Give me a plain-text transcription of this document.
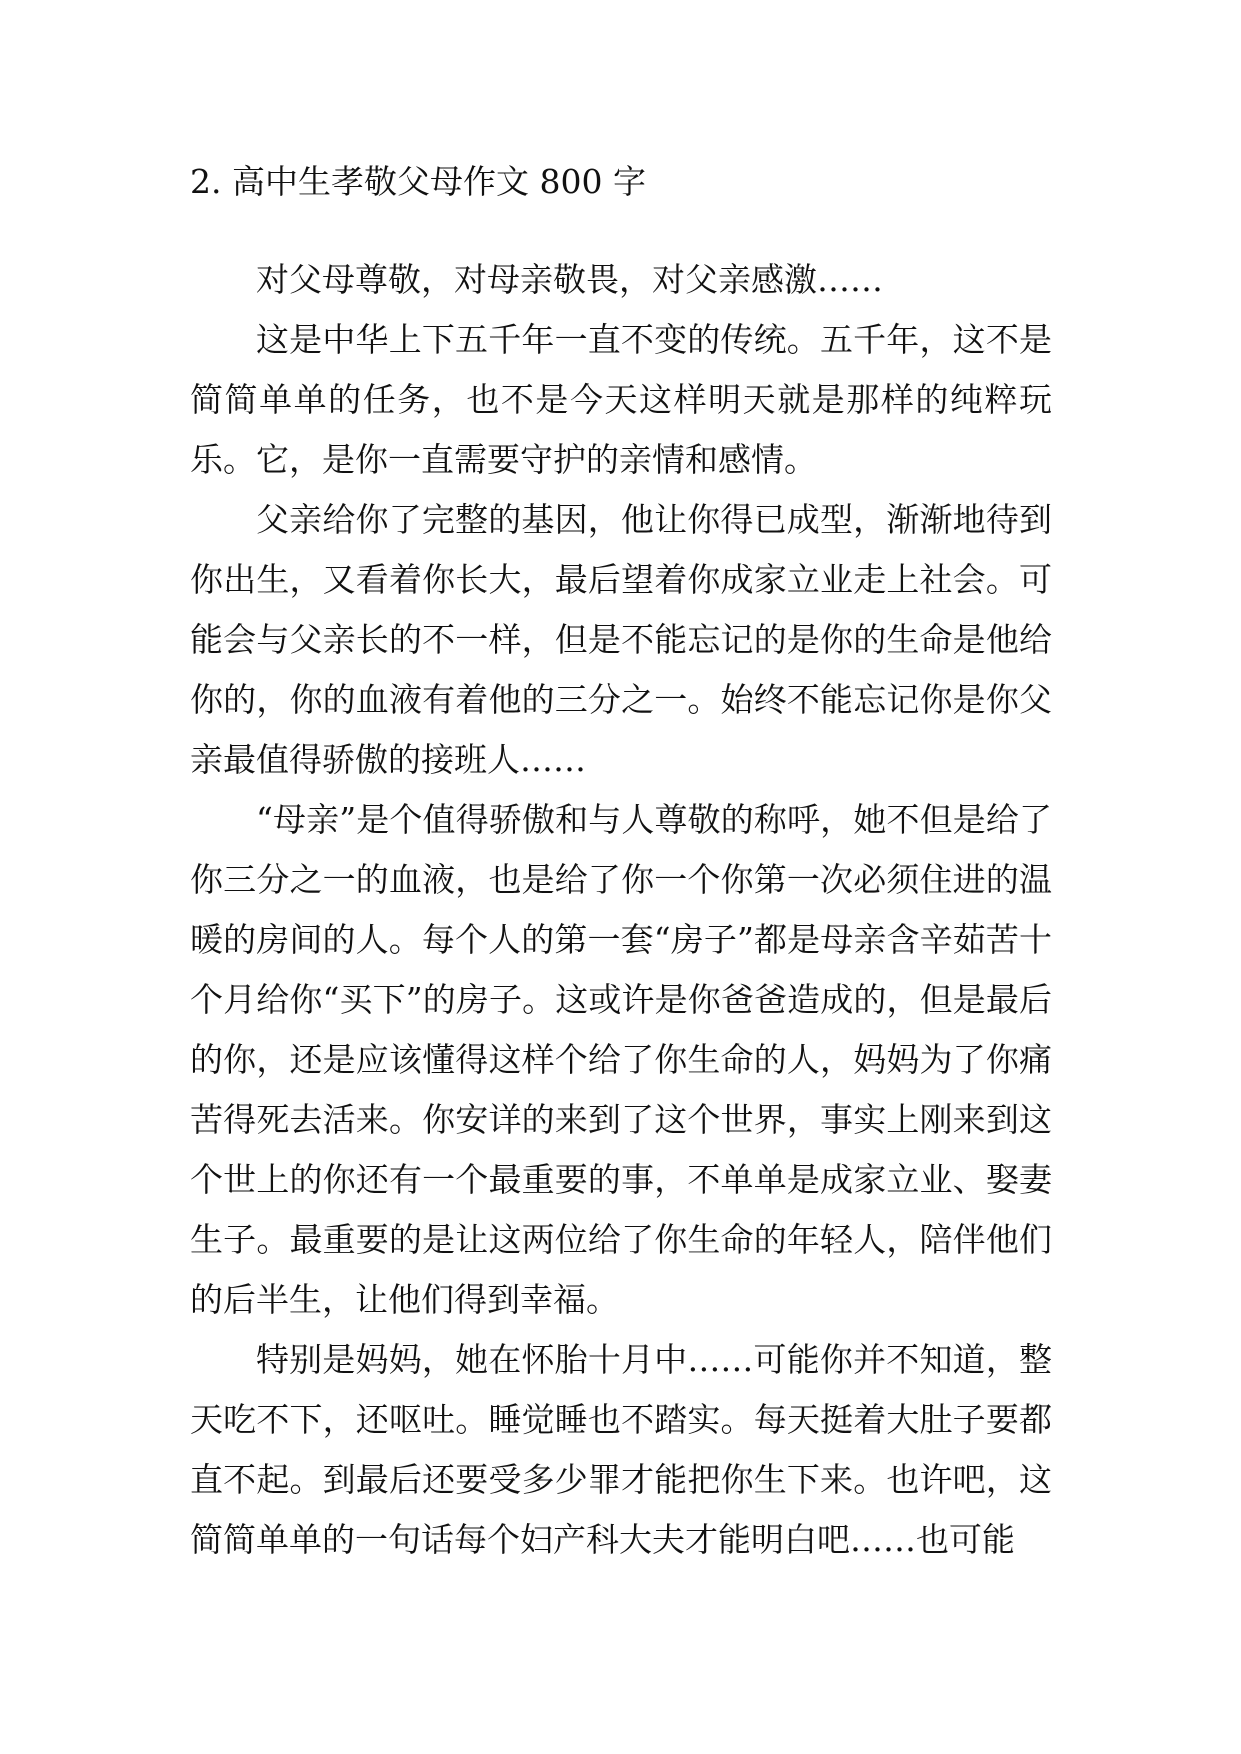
2. 高中生孝敬父母作文 800 字

对父母尊敬，对母亲敬畏，对父亲感激……

这是中华上下五千年一直不变的传统。五千年，这不是简简单单的任务，也不是今天这样明天就是那样的纯粹玩乐。它，是你一直需要守护的亲情和感情。

父亲给你了完整的基因，他让你得已成型，渐渐地待到你出生，又看着你长大，最后望着你成家立业走上社会。可能会与父亲长的不一样，但是不能忘记的是你的生命是他给你的，你的血液有着他的三分之一。始终不能忘记你是你父亲最值得骄傲的接班人……

“母亲”是个值得骄傲和与人尊敬的称呼，她不但是给了你三分之一的血液，也是给了你一个你第一次必须住进的温暖的房间的人。每个人的第一套“房子”都是母亲含辛茹苦十个月给你“买下”的房子。这或许是你爸爸造成的，但是最后的你，还是应该懂得这样个给了你生命的人，妈妈为了你痛苦得死去活来。你安详的来到了这个世界，事实上刚来到这个世上的你还有一个最重要的事，不单单是成家立业、娶妻生子。最重要的是让这两位给了你生命的年轻人，陪伴他们的后半生，让他们得到幸福。

特别是妈妈，她在怀胎十月中……可能你并不知道，整天吃不下，还呕吐。睡觉睡也不踏实。每天挺着大肚子要都直不起。到最后还要受多少罪才能把你生下来。也许吧，这简简单单的一句话每个妇产科大夫才能明白吧……也可能
